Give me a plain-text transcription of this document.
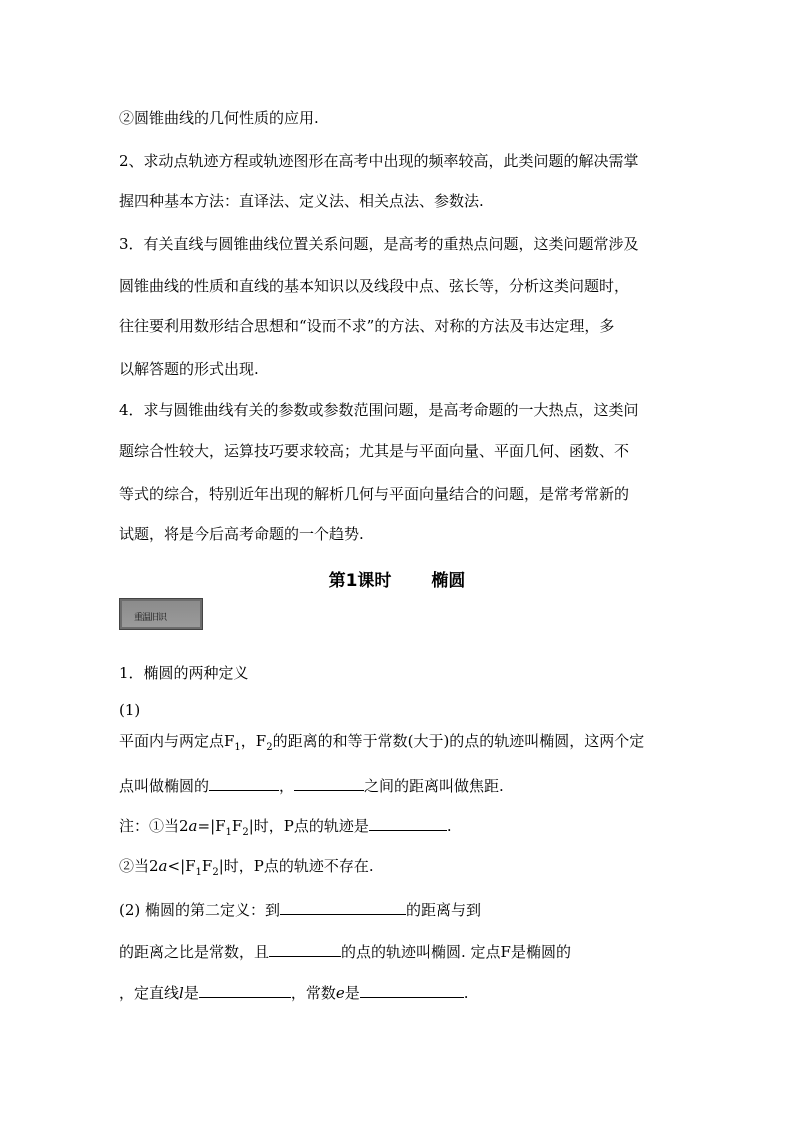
②圆锥曲线的几何性质的应用.
2、求动点轨迹方程或轨迹图形在高考中出现的频率较高，此类问题的解决需掌
握四种基本方法：直译法、定义法、相关点法、参数法.
3．有关直线与圆锥曲线位置关系问题，是高考的重热点问题，这类问题常涉及
圆锥曲线的性质和直线的基本知识以及线段中点、弦长等，分析这类问题时，
往往要利用数形结合思想和“设而不求”的方法、对称的方法及韦达定理，多
以解答题的形式出现.
4．求与圆锥曲线有关的参数或参数范围问题，是高考命题的一大热点，这类问
题综合性较大，运算技巧要求较高；尤其是与平面向量、平面几何、函数、不
等式的综合，特别近年出现的解析几何与平面向量结合的问题，是常考常新的
试题，将是今后高考命题的一个趋势.
第1课时 椭圆
重温旧识
1．椭圆的两种定义
(1)
平面内与两定点$F_1$，$F_2$的距离的和等于常数(大于)的点的轨迹叫椭圆，这两个定
点叫做椭圆的	，	之间的距离叫做焦距.
注：①当$2a=|F_1F_2|$时，P点的轨迹是	.
②当$2a<|F_1F_2|$时，P点的轨迹不存在.
(2) 椭圆的第二定义：到	的距离与到
的距离之比是常数，且	的点的轨迹叫椭圆. 定点F是椭圆的
，定直线l是	，常数e是	.
